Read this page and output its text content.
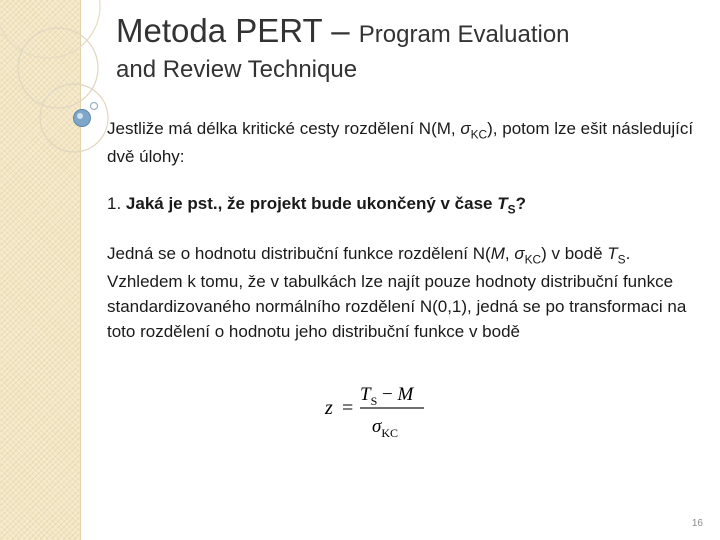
Metoda PERT – Program Evaluation
and Review Technique

Jestliže má délka kritické cesty rozdělení N(M, $\sigma_{KC}$), potom lze ešit následující dvě úlohy:

1. Jaká je pst., že projekt bude ukončený v čase $T_S$?

Jedná se o hodnotu distribuční funkce rozdělení N(M, $\sigma_{KC}$) v bodě $T_S$. Vzhledem k tomu, že v tabulkách lze najít pouze hodnoty distribuční funkce standardizovaného normálního rozdělení N(0,1), jedná se po transformaci na toto rozdělení o hodnotu jeho distribuční funkce v bodě

z =
$T_S - M$
$\sigma_{KC}$
16
